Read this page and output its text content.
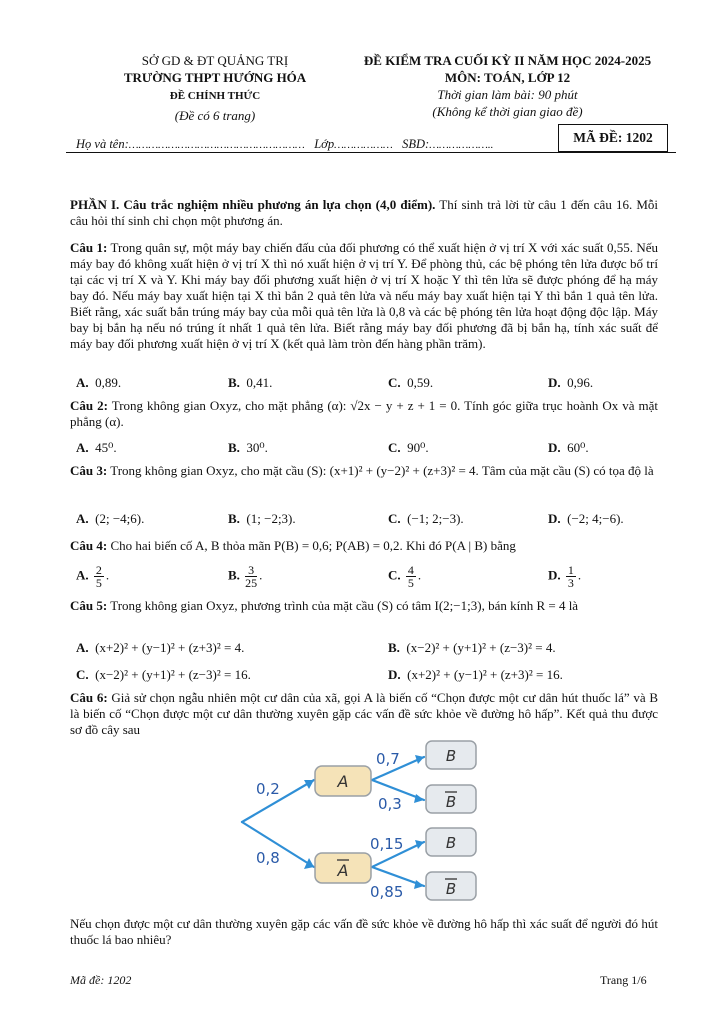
SỞ GD & ĐT QUẢNG TRỊ
TRƯỜNG THPT HƯỚNG HÓA
ĐỀ CHÍNH THỨC
(Đề có 6 trang)
ĐỀ KIỂM TRA CUỐI KỲ II NĂM HỌC 2024-2025
MÔN: TOÁN, LỚP 12
Thời gian làm bài: 90 phút
(Không kể thời gian giao đề)
MÃ ĐỀ: 1202
Họ và tên:……………………………………………… Lớp……………… SBD:………………..
PHẦN I. Câu trắc nghiệm nhiều phương án lựa chọn (4,0 điểm). Thí sinh trả lời từ câu 1 đến câu 16. Mỗi câu hỏi thí sinh chỉ chọn một phương án.
Câu 1: Trong quân sự, một máy bay chiến đấu của đối phương có thể xuất hiện ở vị trí X với xác suất 0,55. Nếu máy bay đó không xuất hiện ở vị trí X thì nó xuất hiện ở vị trí Y. Để phòng thủ, các bệ phóng tên lửa được bố trí tại các vị trí X và Y. Khi máy bay đối phương xuất hiện ở vị trí X hoặc Y thì tên lửa sẽ được phóng để hạ máy bay đó. Nếu máy bay xuất hiện tại X thì bắn 2 quả tên lửa và nếu máy bay xuất hiện tại Y thì bắn 1 quả tên lửa. Biết rằng, xác suất bắn trúng máy bay của mỗi quả tên lửa là 0,8 và các bệ phóng tên lửa hoạt động độc lập. Máy bay bị bắn hạ nếu nó trúng ít nhất 1 quả tên lửa. Biết rằng máy bay đối phương đã bị bắn hạ, tính xác suất để máy bay đối phương xuất hiện ở vị trí X (kết quả làm tròn đến hàng phần trăm).
A. 0,89.	B. 0,41.	C. 0,59.	D. 0,96.
Câu 2: Trong không gian Oxyz, cho mặt phẳng (α): √2x − y + z + 1 = 0. Tính góc giữa trục hoành Ox và mặt phẳng (α).
A. 45⁰.	B. 30⁰.	C. 90⁰.	D. 60⁰.
Câu 3: Trong không gian Oxyz, cho mặt cầu (S): (x+1)² + (y−2)² + (z+3)² = 4. Tâm của mặt cầu (S) có tọa độ là
A. (2; −4;6).	B. (1; −2;3).	C. (−1; 2;−3).	D. (−2; 4;−6).
Câu 4: Cho hai biến cố A, B thỏa mãn P(B) = 0,6; P(AB) = 0,2. Khi đó P(A | B) bằng
A. $\frac{2}{5}$ .	B. $\frac{3}{25}$ .	C. $\frac{4}{5}$ .	D. $\frac{1}{3}$ .
Câu 5: Trong không gian Oxyz, phương trình của mặt cầu (S) có tâm I(2;−1;3), bán kính R = 4 là
A. (x+2)² + (y−1)² + (z+3)² = 4.	B. (x−2)² + (y+1)² + (z−3)² = 4.
C. (x−2)² + (y+1)² + (z−3)² = 16.	D. (x+2)² + (y−1)² + (z+3)² = 16.
Câu 6: Giả sử chọn ngẫu nhiên một cư dân của xã, gọi A là biến cố “Chọn được một cư dân hút thuốc lá” và B là biến cố “Chọn được một cư dân thường xuyên gặp các vấn đề sức khỏe về đường hô hấp”. Kết quả thu được sơ đồ cây sau
A
A
B
B
B
B
0,2
0,8
0,7
0,3
0,15
0,85
Nếu chọn được một cư dân thường xuyên gặp các vấn đề sức khỏe về đường hô hấp thì xác suất để người đó hút thuốc lá bao nhiêu?
Mã đề: 1202	Trang 1/6
